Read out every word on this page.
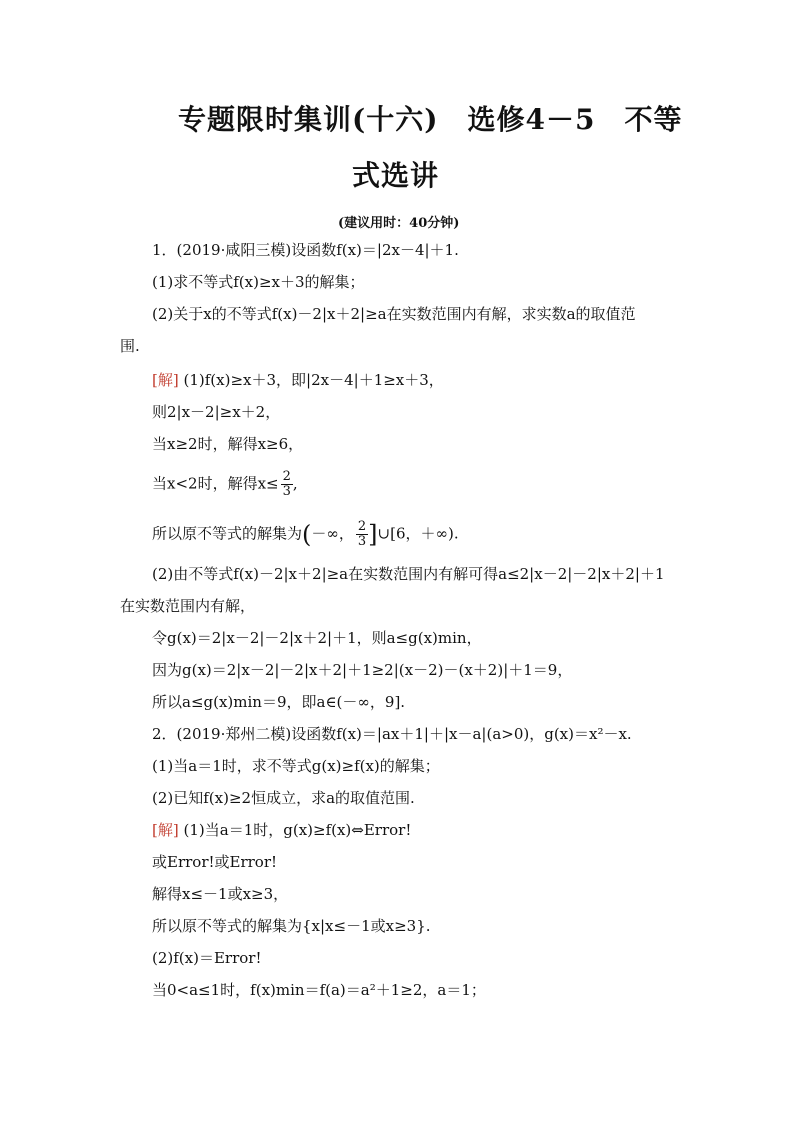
专题限时集训(十六)　选修4－5　不等
式选讲
(建议用时：40分钟)
1．(2019·咸阳三模)设函数f(x)＝|2x－4|＋1.
(1)求不等式f(x)≥x＋3的解集；
(2)关于x的不等式f(x)－2|x＋2|≥a在实数范围内有解，求实数a的取值范
围.
[解] (1)f(x)≥x＋3，即|2x－4|＋1≥x＋3，
则2|x－2|≥x＋2，
当x≥2时，解得x≥6，
当x<2时，解得$x\le \frac{2}{3}$ ,
所以原不等式的解集为(－∞， $\frac{2}{3}$ ]∪[6，＋∞).
(2)由不等式f(x)－2|x＋2|≥a在实数范围内有解可得a≤2|x－2|－2|x＋2|＋1
在实数范围内有解，
令g(x)＝2|x－2|－2|x＋2|＋1，则a≤g(x)min，
因为g(x)＝2|x－2|－2|x＋2|＋1≥2|(x－2)－(x＋2)|＋1＝9，
所以a≤g(x)min＝9，即a∈(－∞，9].
2．(2019·郑州二模)设函数f(x)＝|ax＋1|＋|x－a|(a>0)，g(x)＝x²－x.
(1)当a＝1时，求不等式g(x)≥f(x)的解集；
(2)已知f(x)≥2恒成立，求a的取值范围.
[解] (1)当a＝1时，g(x)≥f(x)⇔Error!
或Error!或Error!
解得x≤－1或x≥3，
所以原不等式的解集为{x|x≤－1或x≥3}.
(2)f(x)＝Error!
当0<a≤1时，f(x)min＝f(a)＝a²＋1≥2，a＝1；
